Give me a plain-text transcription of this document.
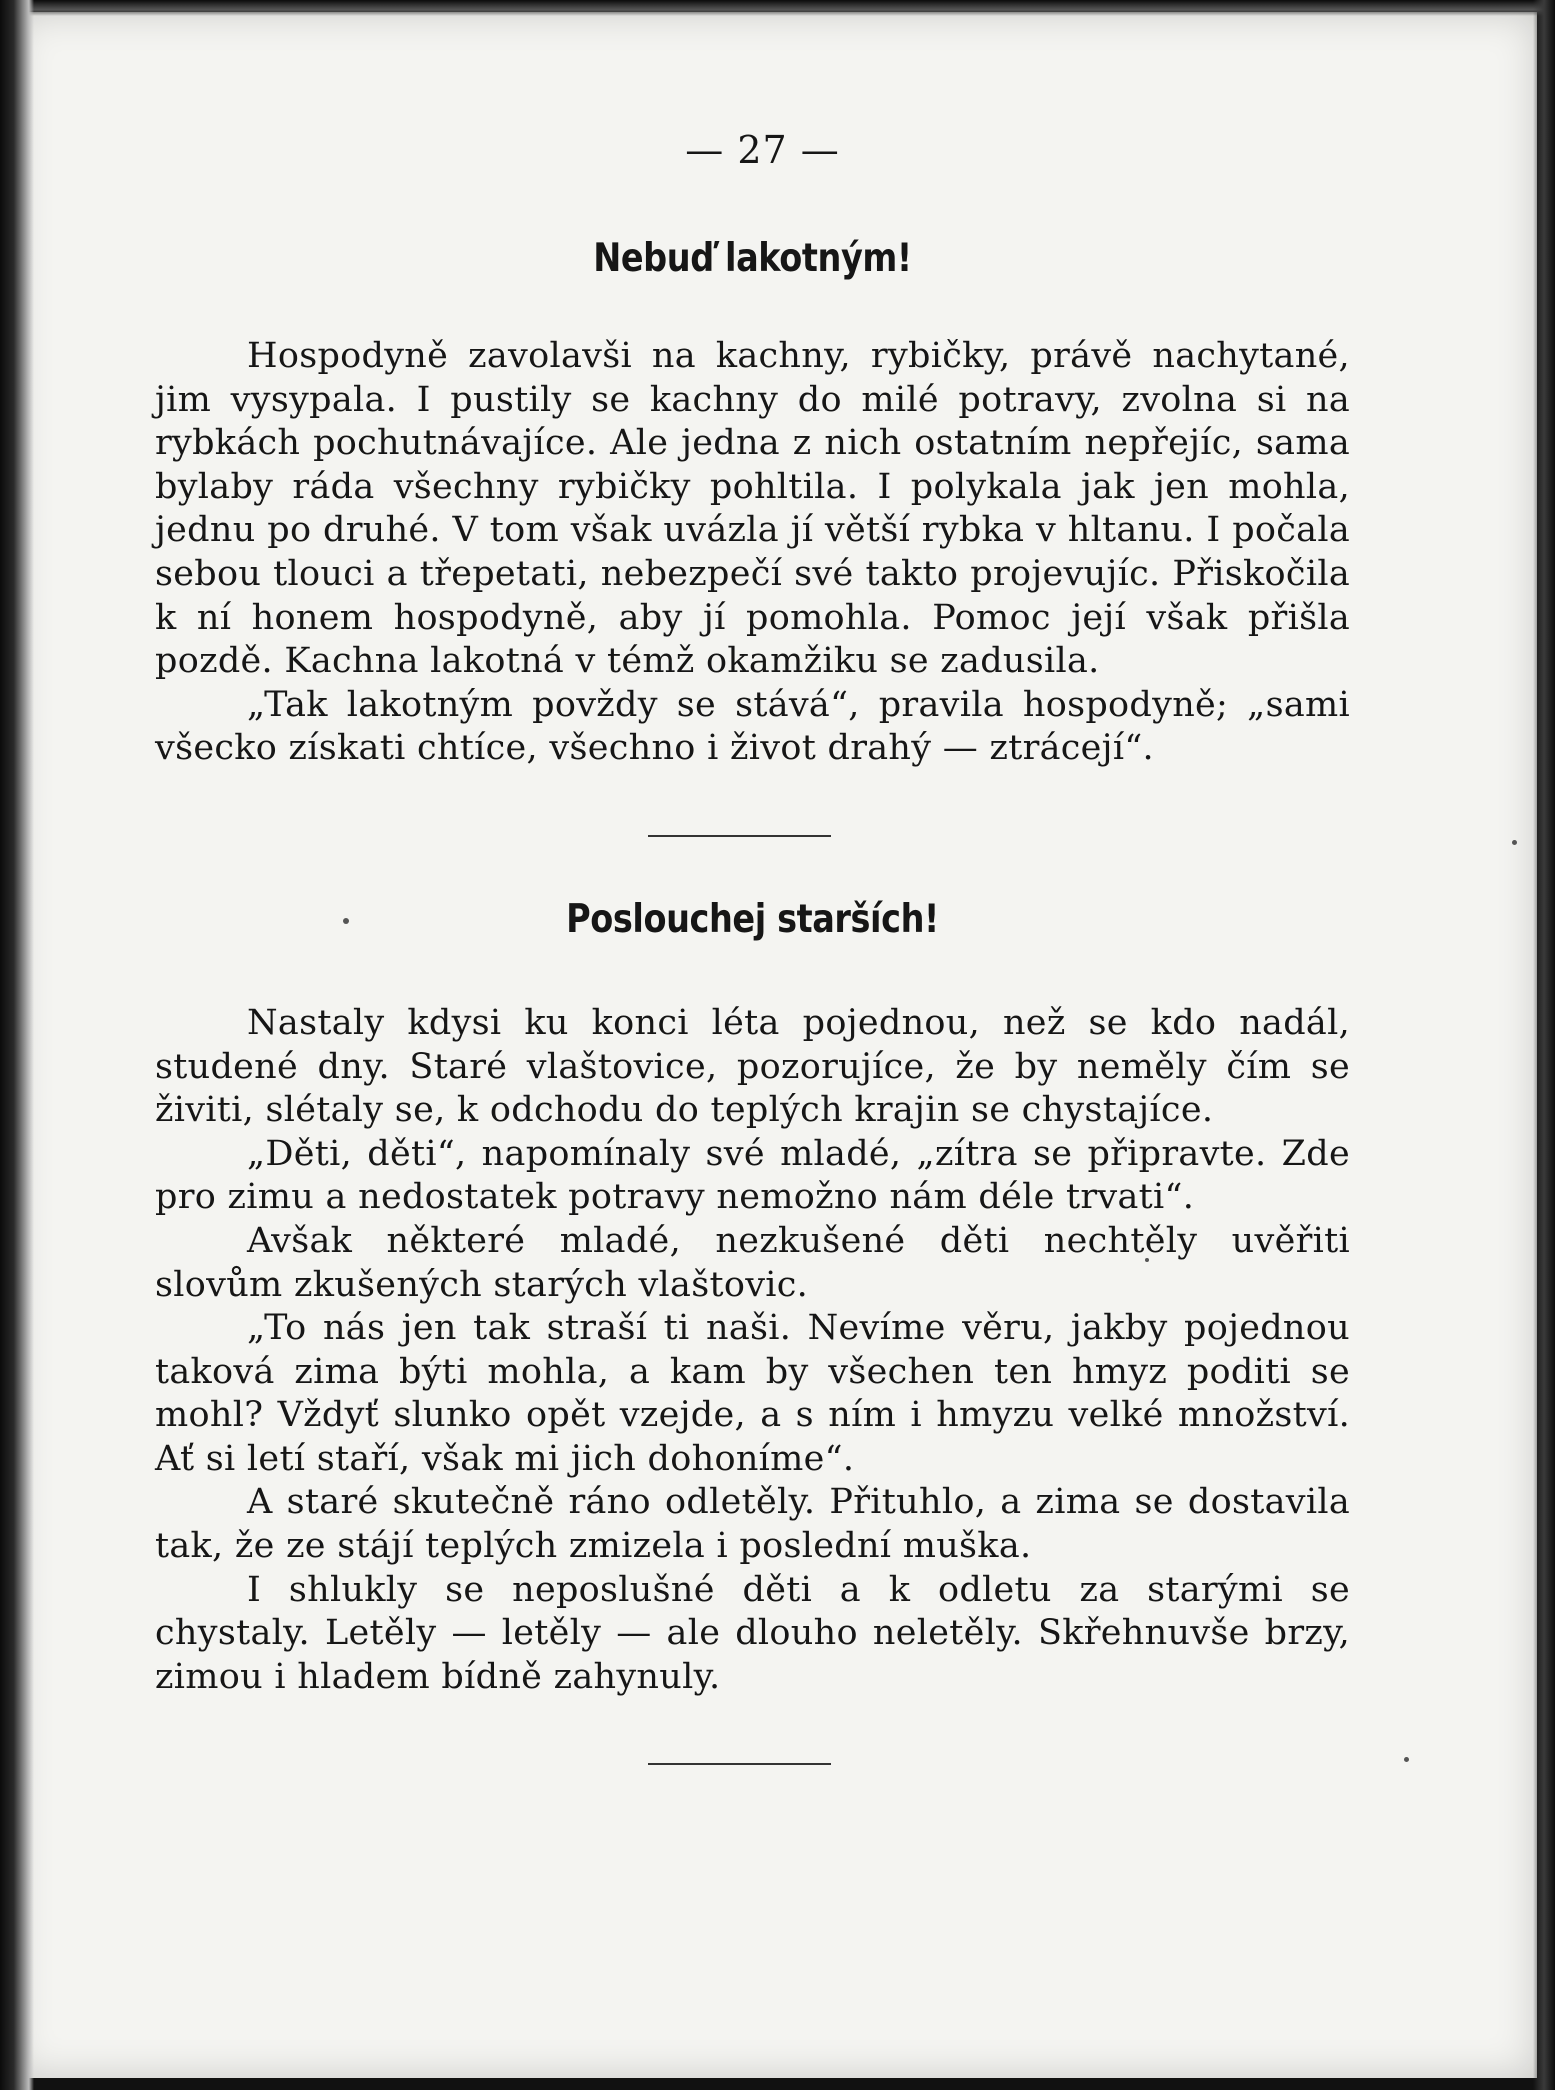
— 27 —
Nebuď lakotným!

Hospodyně zavolavši na kachny, rybičky, právě nachytané, jim vysypala. I pustily se kachny do milé potravy, zvolna si na rybkách pochutnávajíce. Ale jedna z nich ostatním nepřejíc, sama bylaby ráda všechny rybičky pohltila. I polykala jak jen mohla, jednu po druhé. V tom však uvázla jí větší rybka v hltanu. I počala sebou tlouci a třepetati, nebezpečí své takto projevujíc. Přiskočila k ní honem hospodyně, aby jí pomohla. Pomoc její však přišla pozdě. Kachna lakotná v témž okamžiku se zadusila.

„Tak lakotným povždy se stává“, pravila hospodyně; „sami všecko získati chtíce, všechno i život drahý — ztrácejí“.

Poslouchej starších!

Nastaly kdysi ku konci léta pojednou, než se kdo nadál, studené dny. Staré vlaštovice, pozorujíce, že by neměly čím se živiti, slétaly se, k odchodu do teplých krajin se chystajíce.

„Děti, děti“, napomínaly své mladé, „zítra se připravte. Zde pro zimu a nedostatek potravy nemožno nám déle trvati“.

Avšak některé mladé, nezkušené děti nechtěly uvěřiti slovům zkušených starých vlaštovic.

„To nás jen tak straší ti naši. Nevíme věru, jakby pojednou taková zima býti mohla, a kam by všechen ten hmyz poditi se mohl? Vždyť slunko opět vzejde, a s ním i hmyzu velké množství. Ať si letí staří, však mi jich dohoníme“.

A staré skutečně ráno odletěly. Přituhlo, a zima se dostavila tak, že ze stájí teplých zmizela i poslední muška.

I shlukly se neposlušné děti a k odletu za starými se chystaly. Letěly — letěly — ale dlouho neletěly. Skřehnuvše brzy, zimou i hladem bídně zahynuly.
